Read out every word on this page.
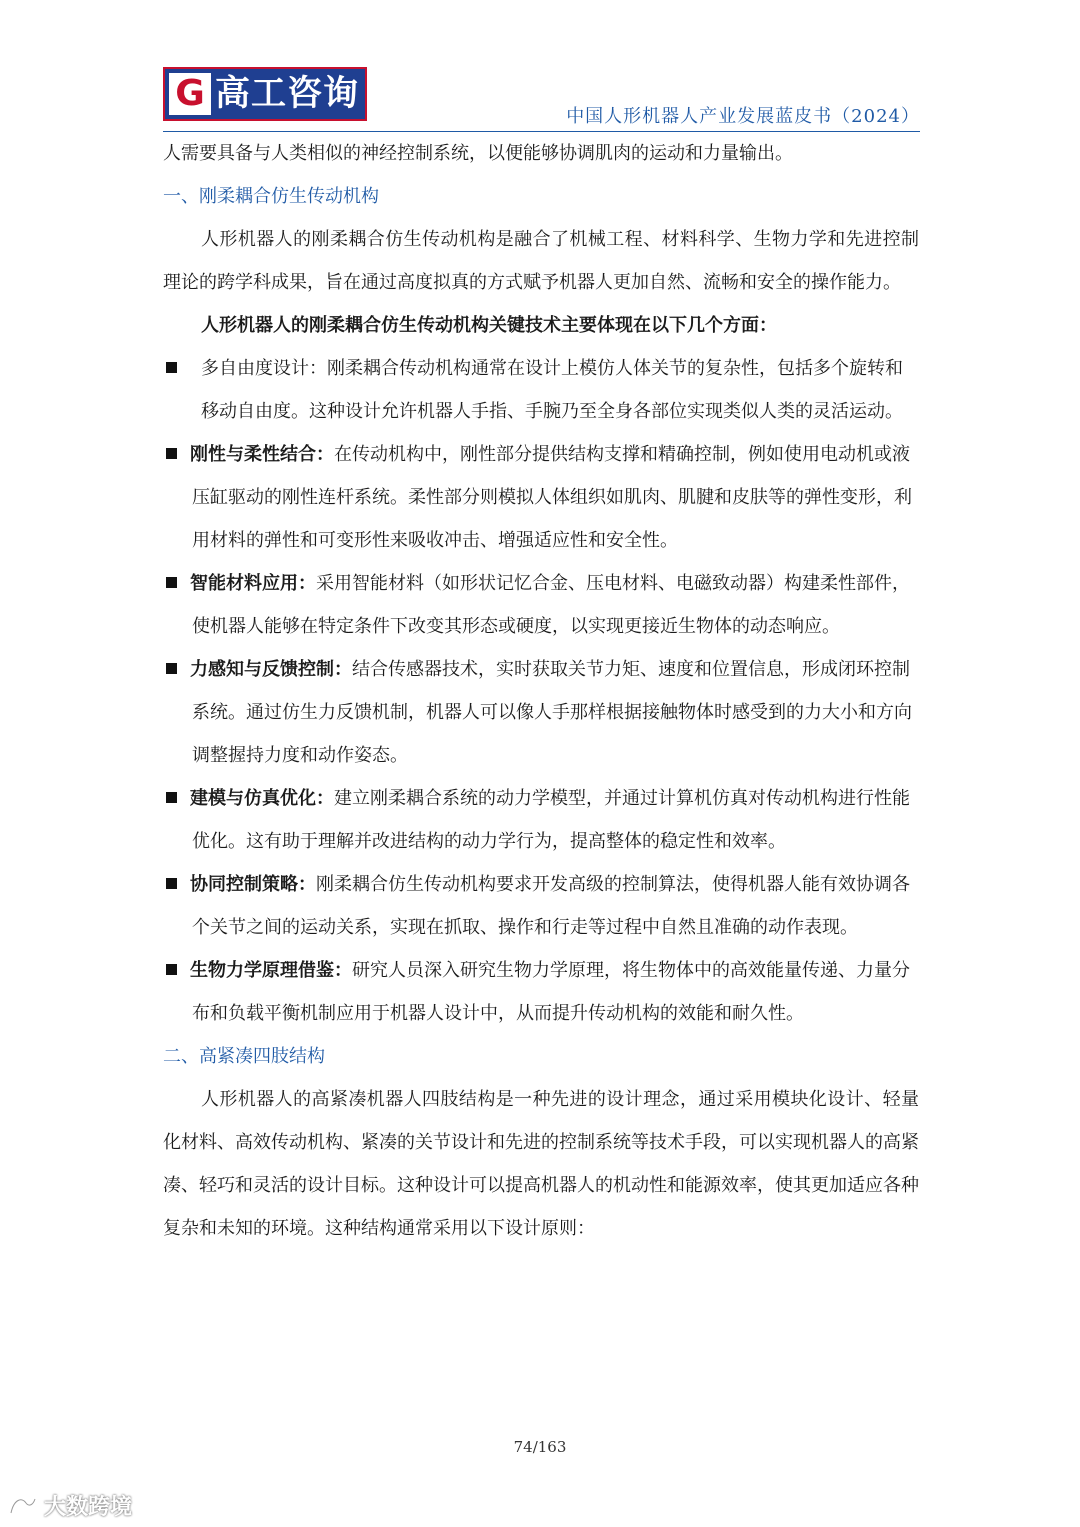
G 高工咨询
中国人形机器人产业发展蓝皮书（2024）

人需要具备与人类相似的神经控制系统，以便能够协调肌肉的运动和力量输出。

一、刚柔耦合仿生传动机构

人形机器人的刚柔耦合仿生传动机构是融合了机械工程、材料科学、生物力学和先进控制理论的跨学科成果，旨在通过高度拟真的方式赋予机器人更加自然、流畅和安全的操作能力。

人形机器人的刚柔耦合仿生传动机构关键技术主要体现在以下几个方面：

多自由度设计：刚柔耦合传动机构通常在设计上模仿人体关节的复杂性，包括多个旋转和移动自由度。这种设计允许机器人手指、手腕乃至全身各部位实现类似人类的灵活运动。

刚性与柔性结合：在传动机构中，刚性部分提供结构支撑和精确控制，例如使用电动机或液压缸驱动的刚性连杆系统。柔性部分则模拟人体组织如肌肉、肌腱和皮肤等的弹性变形，利用材料的弹性和可变形性来吸收冲击、增强适应性和安全性。

智能材料应用：采用智能材料（如形状记忆合金、压电材料、电磁致动器）构建柔性部件，使机器人能够在特定条件下改变其形态或硬度，以实现更接近生物体的动态响应。

力感知与反馈控制：结合传感器技术，实时获取关节力矩、速度和位置信息，形成闭环控制系统。通过仿生力反馈机制，机器人可以像人手那样根据接触物体时感受到的力大小和方向调整握持力度和动作姿态。

建模与仿真优化：建立刚柔耦合系统的动力学模型，并通过计算机仿真对传动机构进行性能优化。这有助于理解并改进结构的动力学行为，提高整体的稳定性和效率。

协同控制策略：刚柔耦合仿生传动机构要求开发高级的控制算法，使得机器人能有效协调各个关节之间的运动关系，实现在抓取、操作和行走等过程中自然且准确的动作表现。

生物力学原理借鉴：研究人员深入研究生物力学原理，将生物体中的高效能量传递、力量分布和负载平衡机制应用于机器人设计中，从而提升传动机构的效能和耐久性。

二、高紧凑四肢结构

人形机器人的高紧凑机器人四肢结构是一种先进的设计理念，通过采用模块化设计、轻量化材料、高效传动机构、紧凑的关节设计和先进的控制系统等技术手段，可以实现机器人的高紧凑、轻巧和灵活的设计目标。这种设计可以提高机器人的机动性和能源效率，使其更加适应各种复杂和未知的环境。这种结构通常采用以下设计原则：

74/163
大数跨境
